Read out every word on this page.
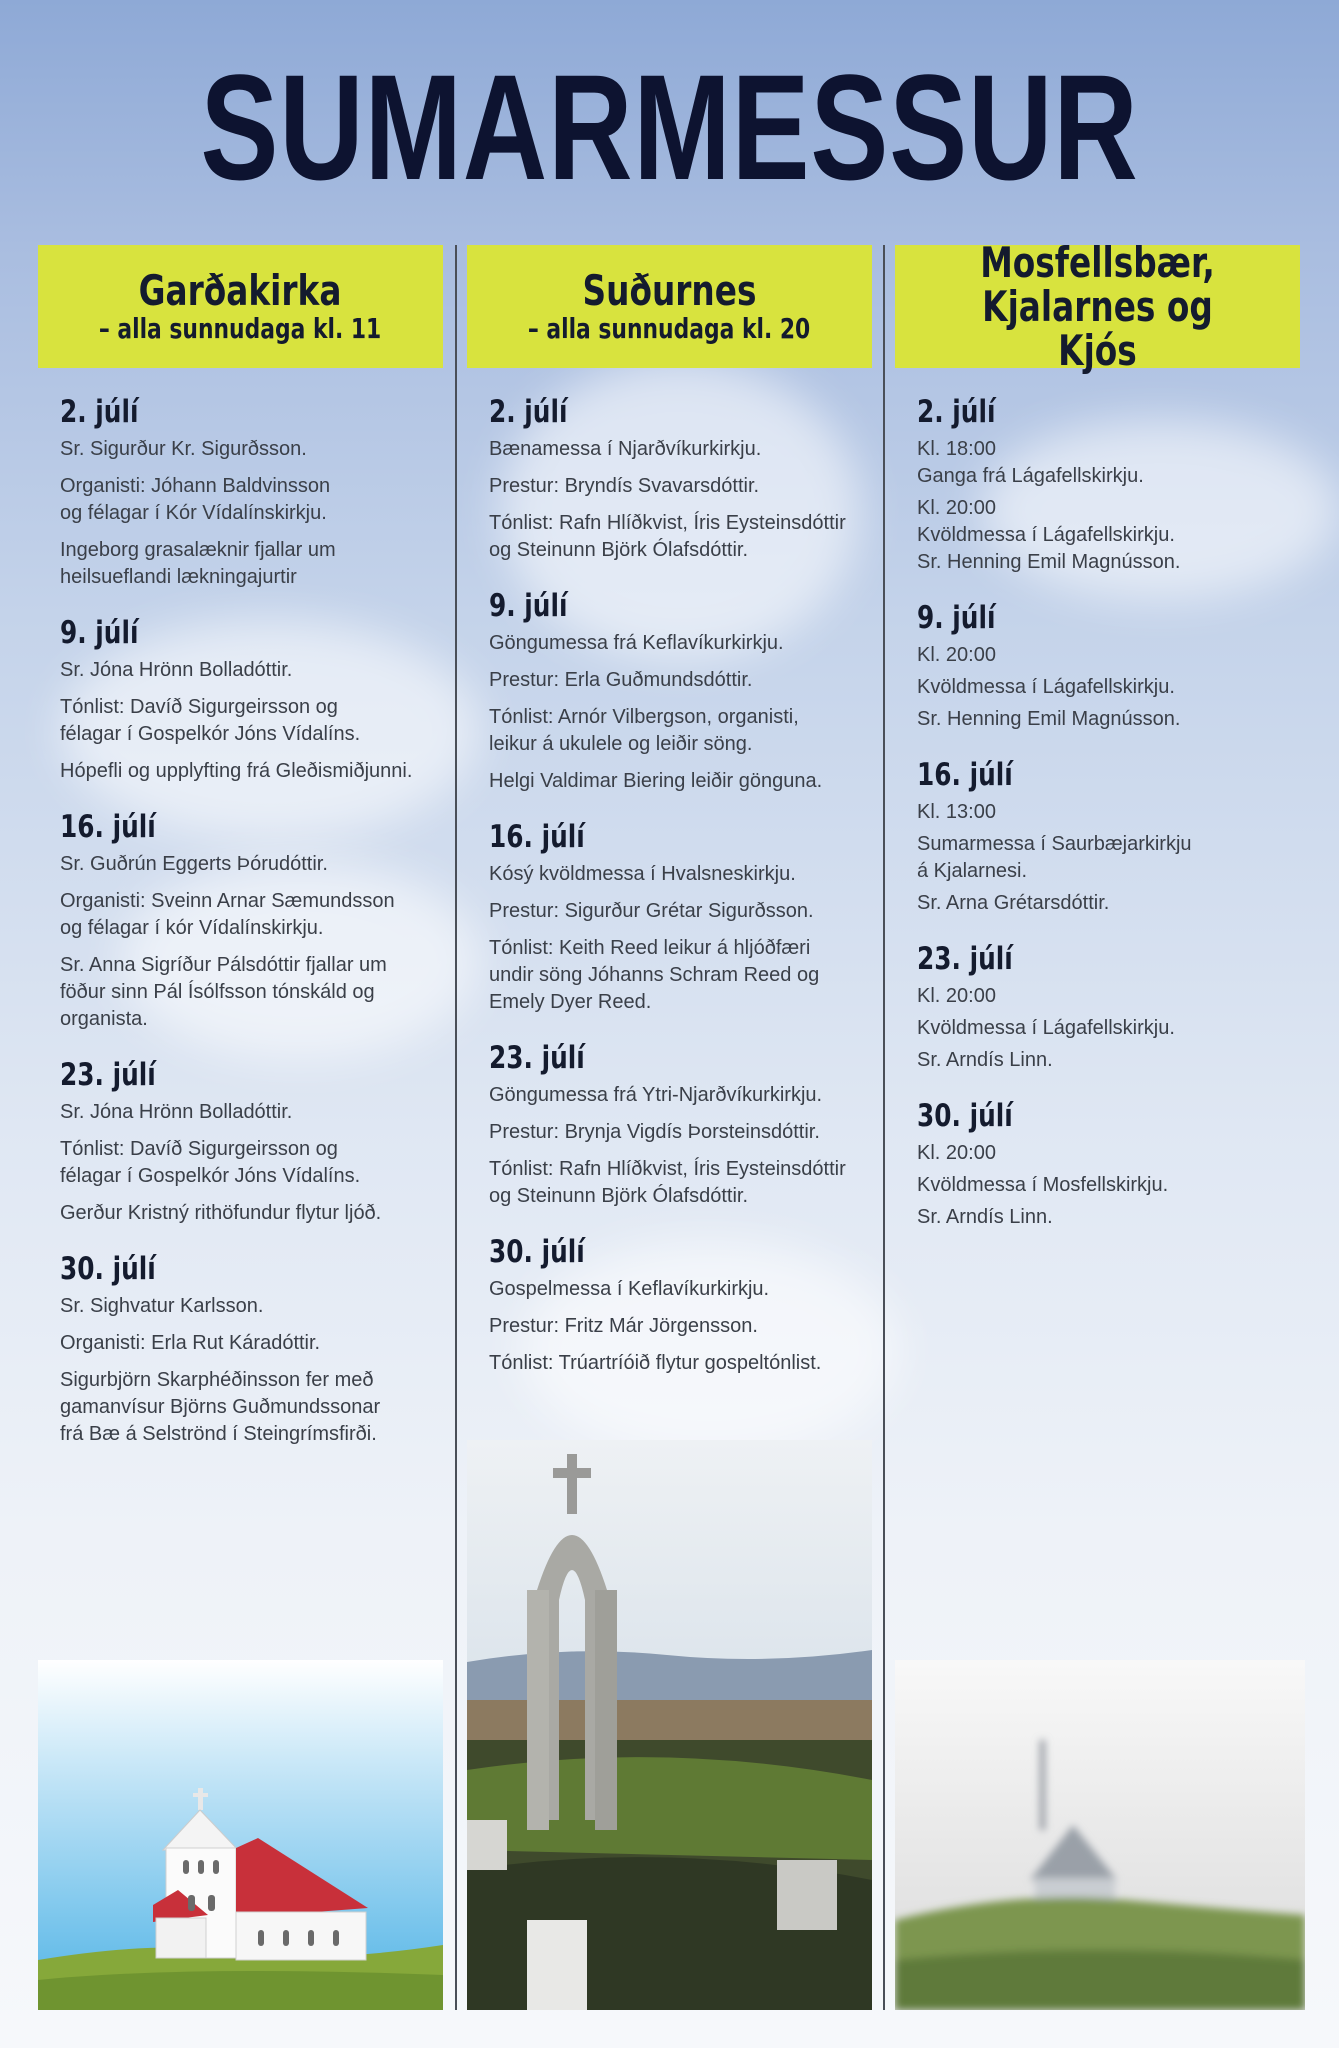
SUMARMESSUR
Garðakirka
– alla sunnudaga kl. 11
2. júlí
Sr. Sigurður Kr. Sigurðsson.
Organisti: Jóhann Baldvinsson
og félagar í Kór Vídalínskirkju.
Ingeborg grasalæknir fjallar um
heilsueflandi lækningajurtir
9. júlí
Sr. Jóna Hrönn Bolladóttir.
Tónlist: Davíð Sigurgeirsson og
félagar í Gospelkór Jóns Vídalíns.
Hópefli og upplyfting frá Gleðismiðjunni.
16. júlí
Sr. Guðrún Eggerts Þórudóttir.
Organisti: Sveinn Arnar Sæmundsson
og félagar í kór Vídalínskirkju.
Sr. Anna Sigríður Pálsdóttir fjallar um
föður sinn Pál Ísólfsson tónskáld og
organista.
23. júlí
Sr. Jóna Hrönn Bolladóttir.
Tónlist: Davíð Sigurgeirsson og
félagar í Gospelkór Jóns Vídalíns.
Gerður Kristný rithöfundur flytur ljóð.
30. júlí
Sr. Sighvatur Karlsson.
Organisti: Erla Rut Káradóttir.
Sigurbjörn Skarphéðinsson fer með
gamanvísur Björns Guðmundssonar
frá Bæ á Selströnd í Steingrímsfirði.
Suðurnes
– alla sunnudaga kl. 20
2. júlí
Bænamessa í Njarðvíkurkirkju.
Prestur: Bryndís Svavarsdóttir.
Tónlist: Rafn Hlíðkvist, Íris Eysteinsdóttir
og Steinunn Björk Ólafsdóttir.
9. júlí
Göngumessa frá Keflavíkurkirkju.
Prestur: Erla Guðmundsdóttir.
Tónlist: Arnór Vilbergson, organisti,
leikur á ukulele og leiðir söng.
Helgi Valdimar Biering leiðir gönguna.
16. júlí
Kósý kvöldmessa í Hvalsneskirkju.
Prestur: Sigurður Grétar Sigurðsson.
Tónlist: Keith Reed leikur á hljóðfæri
undir söng Jóhanns Schram Reed og
Emely Dyer Reed.
23. júlí
Göngumessa frá Ytri-Njarðvíkurkirkju.
Prestur: Brynja Vigdís Þorsteinsdóttir.
Tónlist: Rafn Hlíðkvist, Íris Eysteinsdóttir
og Steinunn Björk Ólafsdóttir.
30. júlí
Gospelmessa í Keflavíkurkirkju.
Prestur: Fritz Már Jörgensson.
Tónlist: Trúartríóið flytur gospeltónlist.
Mosfellsbær,
Kjalarnes og Kjós
2. júlí
Kl. 18:00
Ganga frá Lágafellskirkju.
Kl. 20:00
Kvöldmessa í Lágafellskirkju.
Sr. Henning Emil Magnússon.
9. júlí
Kl. 20:00
Kvöldmessa í Lágafellskirkju.
Sr. Henning Emil Magnússon.
16. júlí
Kl. 13:00
Sumarmessa í Saurbæjarkirkju
á Kjalarnesi.
Sr. Arna Grétarsdóttir.
23. júlí
Kl. 20:00
Kvöldmessa í Lágafellskirkju.
Sr. Arndís Linn.
30. júlí
Kl. 20:00
Kvöldmessa í Mosfellskirkju.
Sr. Arndís Linn.
